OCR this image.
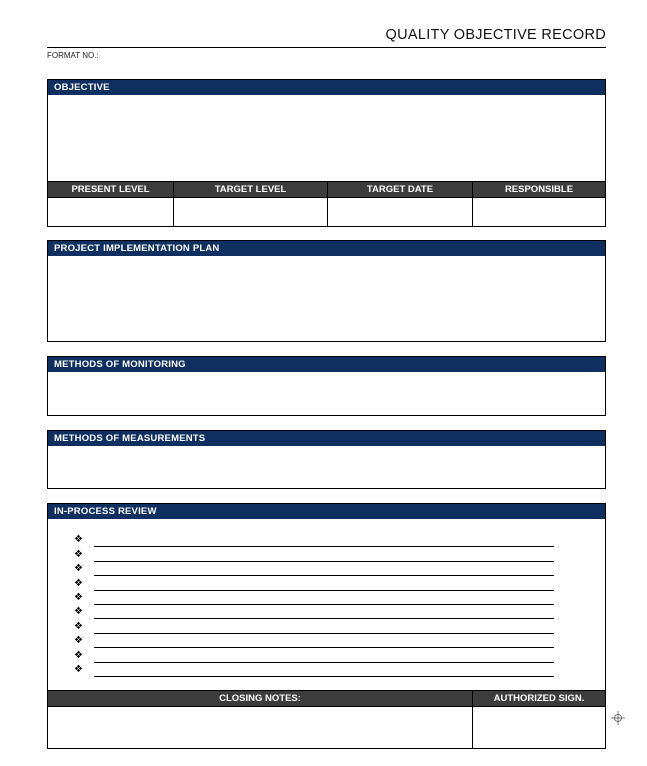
QUALITY OBJECTIVE RECORD
FORMAT NO.:
OBJECTIVE
PRESENT LEVEL	TARGET LEVEL	TARGET DATE	RESPONSIBLE
PROJECT IMPLEMENTATION PLAN
METHODS OF MONITORING
METHODS OF MEASUREMENTS
IN-PROCESS REVIEW
❖
❖
❖
❖
❖
❖
❖
❖
❖
❖
CLOSING NOTES:	AUTHORIZED SIGN.
